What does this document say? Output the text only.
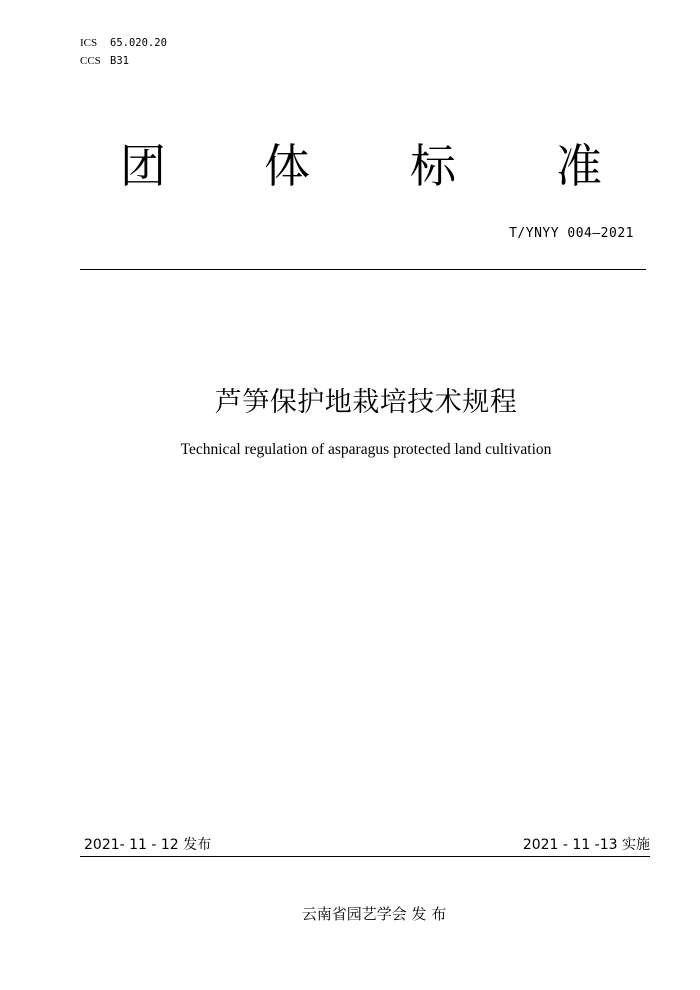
ICS 65.020.20
CCS B31
团 体 标 准
T/YNYY 004—2021
芦笋保护地栽培技术规程
Technical regulation of asparagus protected land cultivation
2021- 11 - 12 发布	2021 - 11 -13 实施
云南省园艺学会 发 布
